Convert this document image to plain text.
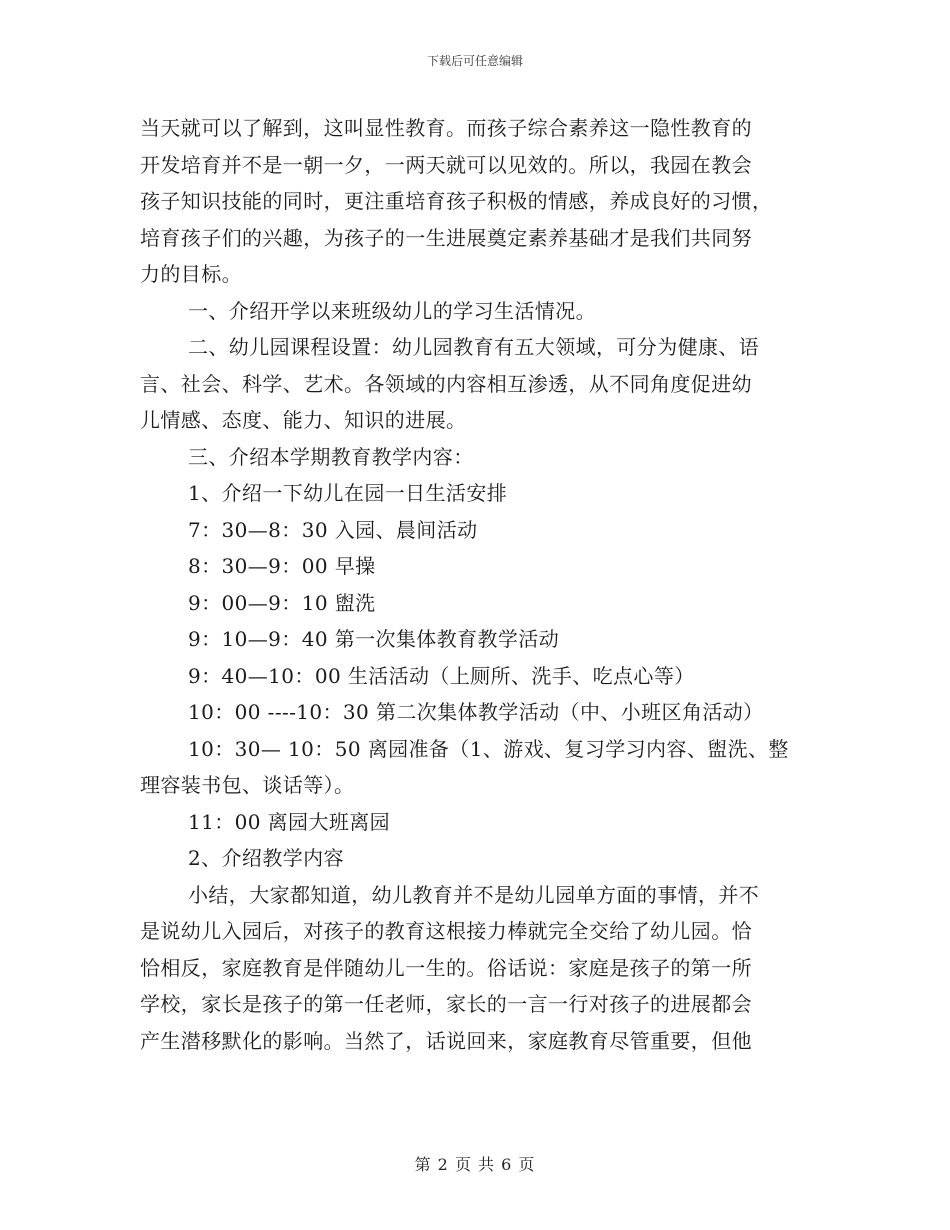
下载后可任意编辑
当天就可以了解到，这叫显性教育。而孩子综合素养这一隐性教育的
开发培育并不是一朝一夕，一两天就可以见效的。所以，我园在教会
孩子知识技能的同时，更注重培育孩子积极的情感，养成良好的习惯，
培育孩子们的兴趣，为孩子的一生进展奠定素养基础才是我们共同努
力的目标。
一、介绍开学以来班级幼儿的学习生活情况。
二、幼儿园课程设置：幼儿园教育有五大领域，可分为健康、语
言、社会、科学、艺术。各领域的内容相互渗透，从不同角度促进幼
儿情感、态度、能力、知识的进展。
三、介绍本学期教育教学内容：
1、介绍一下幼儿在园一日生活安排
7：30—8：30 入园、晨间活动
8：30—9：00 早操
9：00—9：10 盥洗
9：10—9：40 第一次集体教育教学活动
9：40—10：00 生活活动（上厕所、洗手、吃点心等）
10：00 ----10：30 第二次集体教学活动（中、小班区角活动）
10：30— 10：50 离园准备（1、游戏、复习学习内容、盥洗、整
理容装书包、谈话等）。
11：00 离园大班离园
2、介绍教学内容
小结，大家都知道，幼儿教育并不是幼儿园单方面的事情，并不
是说幼儿入园后，对孩子的教育这根接力棒就完全交给了幼儿园。恰
恰相反，家庭教育是伴随幼儿一生的。俗话说：家庭是孩子的第一所
学校，家长是孩子的第一任老师，家长的一言一行对孩子的进展都会
产生潜移默化的影响。当然了，话说回来，家庭教育尽管重要，但他
第 2 页 共 6 页
